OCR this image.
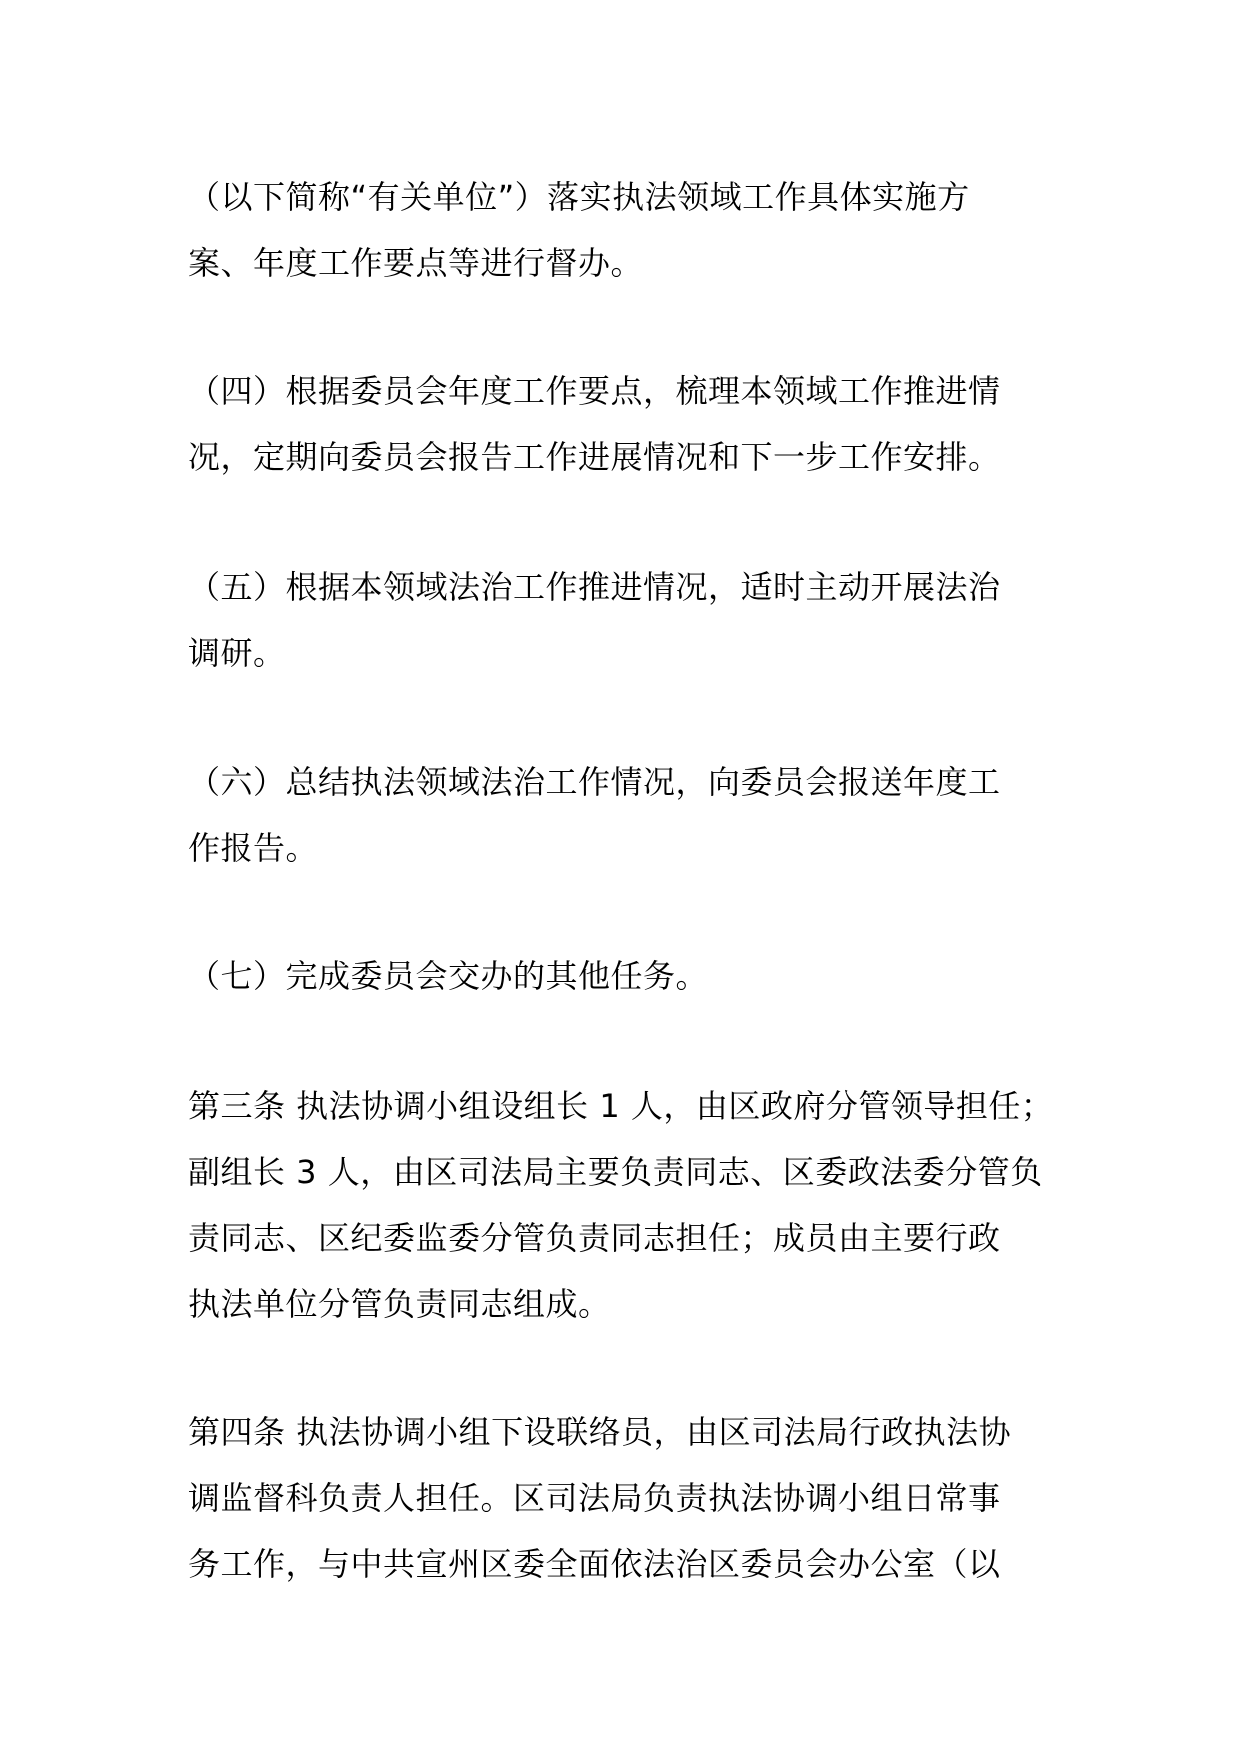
（以下简称“有关单位”）落实执法领域工作具体实施方
案、年度工作要点等进行督办。

（四）根据委员会年度工作要点，梳理本领域工作推进情
况，定期向委员会报告工作进展情况和下一步工作安排。

（五）根据本领域法治工作推进情况，适时主动开展法治
调研。

（六）总结执法领域法治工作情况，向委员会报送年度工
作报告。

（七）完成委员会交办的其他任务。

第三条 执法协调小组设组长 1 人，由区政府分管领导担任；
副组长 3 人，由区司法局主要负责同志、区委政法委分管负
责同志、区纪委监委分管负责同志担任；成员由主要行政
执法单位分管负责同志组成。

第四条 执法协调小组下设联络员，由区司法局行政执法协
调监督科负责人担任。区司法局负责执法协调小组日常事
务工作，与中共宣州区委全面依法治区委员会办公室（以
